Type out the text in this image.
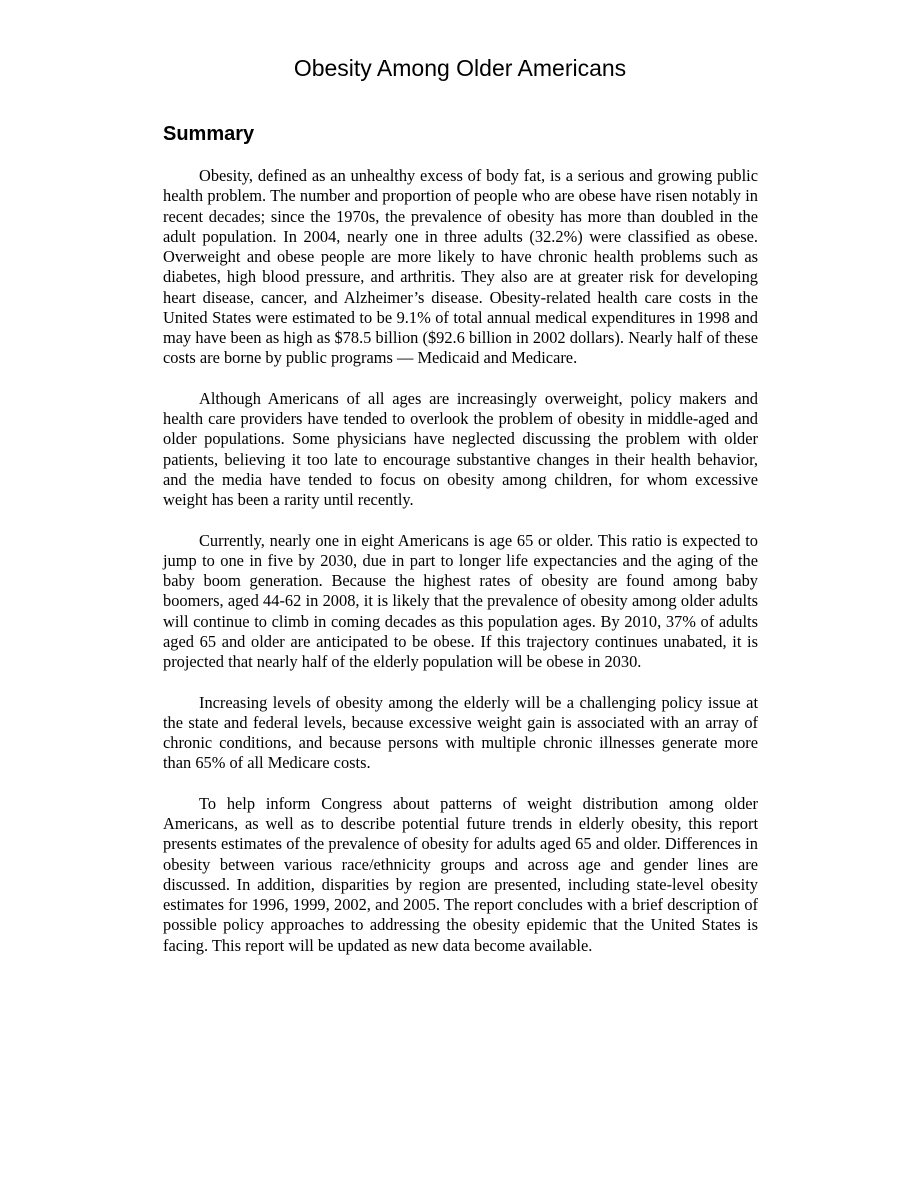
Obesity Among Older Americans
Summary

Obesity, defined as an unhealthy excess of body fat, is a serious and growing public health problem. The number and proportion of people who are obese have risen notably in recent decades; since the 1970s, the prevalence of obesity has more than doubled in the adult population. In 2004, nearly one in three adults (32.2%) were classified as obese. Overweight and obese people are more likely to have chronic health problems such as diabetes, high blood pressure, and arthritis. They also are at greater risk for developing heart disease, cancer, and Alzheimer’s disease. Obesity-related health care costs in the United States were estimated to be 9.1% of total annual medical expenditures in 1998 and may have been as high as $78.5 billion ($92.6 billion in 2002 dollars). Nearly half of these costs are borne by public programs — Medicaid and Medicare.

Although Americans of all ages are increasingly overweight, policy makers and health care providers have tended to overlook the problem of obesity in middle-aged and older populations. Some physicians have neglected discussing the problem with older patients, believing it too late to encourage substantive changes in their health behavior, and the media have tended to focus on obesity among children, for whom excessive weight has been a rarity until recently.

Currently, nearly one in eight Americans is age 65 or older. This ratio is expected to jump to one in five by 2030, due in part to longer life expectancies and the aging of the baby boom generation. Because the highest rates of obesity are found among baby boomers, aged 44-62 in 2008, it is likely that the prevalence of obesity among older adults will continue to climb in coming decades as this population ages. By 2010, 37% of adults aged 65 and older are anticipated to be obese. If this trajectory continues unabated, it is projected that nearly half of the elderly population will be obese in 2030.

Increasing levels of obesity among the elderly will be a challenging policy issue at the state and federal levels, because excessive weight gain is associated with an array of chronic conditions, and because persons with multiple chronic illnesses generate more than 65% of all Medicare costs.

To help inform Congress about patterns of weight distribution among older Americans, as well as to describe potential future trends in elderly obesity, this report presents estimates of the prevalence of obesity for adults aged 65 and older. Differences in obesity between various race/ethnicity groups and across age and gender lines are discussed. In addition, disparities by region are presented, including state-level obesity estimates for 1996, 1999, 2002, and 2005. The report concludes with a brief description of possible policy approaches to addressing the obesity epidemic that the United States is facing. This report will be updated as new data become available.
